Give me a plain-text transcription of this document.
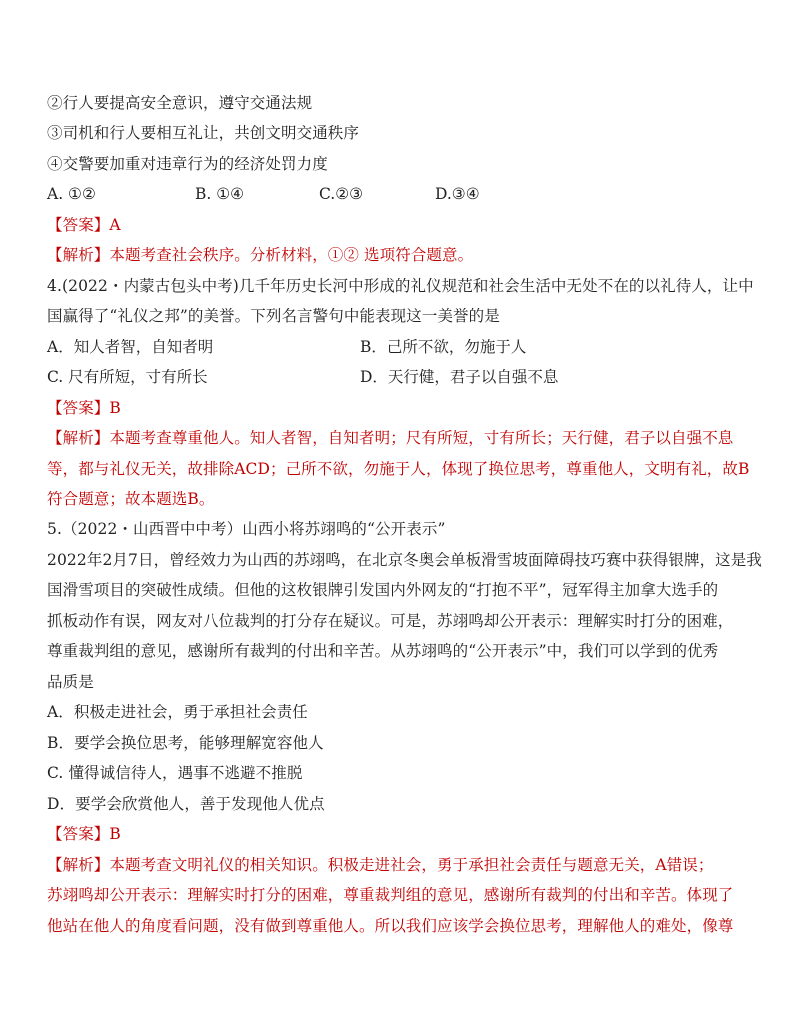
②行人要提高安全意识，遵守交通法规
③司机和行人要相互礼让，共创文明交通秩序
④交警要加重对违章行为的经济处罚力度
A. ①②	B. ①④	C.②③	D.③④
【答案】A
【解析】本题考查社会秩序。分析材料，①② 选项符合题意。
4.(2022・内蒙古包头中考)几千年历史长河中形成的礼仪规范和社会生活中无处不在的以礼待人，让中
国赢得了“礼仪之邦”的美誉。下列名言警句中能表现这一美誉的是
A．知人者智，自知者明	B．己所不欲，勿施于人
C. 尺有所短，寸有所长	D．天行健，君子以自强不息
【答案】B
【解析】本题考查尊重他人。知人者智，自知者明；尺有所短，寸有所长；天行健，君子以自强不息
等，都与礼仪无关，故排除ACD；己所不欲，勿施于人，体现了换位思考，尊重他人，文明有礼，故B
符合题意；故本题选B。
5.（2022・山西晋中中考）山西小将苏翊鸣的“公开表示”
2022年2月7日，曾经效力为山西的苏翊鸣，在北京冬奥会单板滑雪坡面障碍技巧赛中获得银牌，这是我
国滑雪项目的突破性成绩。但他的这枚银牌引发国内外网友的“打抱不平”，冠军得主加拿大选手的
抓板动作有误，网友对八位裁判的打分存在疑议。可是，苏翊鸣却公开表示：理解实时打分的困难，
尊重裁判组的意见，感谢所有裁判的付出和辛苦。从苏翊鸣的“公开表示”中，我们可以学到的优秀
品质是
A．积极走进社会，勇于承担社会责任
B．要学会换位思考，能够理解宽容他人
C. 懂得诚信待人，遇事不逃避不推脱
D．要学会欣赏他人，善于发现他人优点
【答案】B
【解析】本题考查文明礼仪的相关知识。积极走进社会，勇于承担社会责任与题意无关，A错误；
苏翊鸣却公开表示：理解实时打分的困难，尊重裁判组的意见，感谢所有裁判的付出和辛苦。体现了
他站在他人的角度看问题，没有做到尊重他人。所以我们应该学会换位思考，理解他人的难处，像尊
